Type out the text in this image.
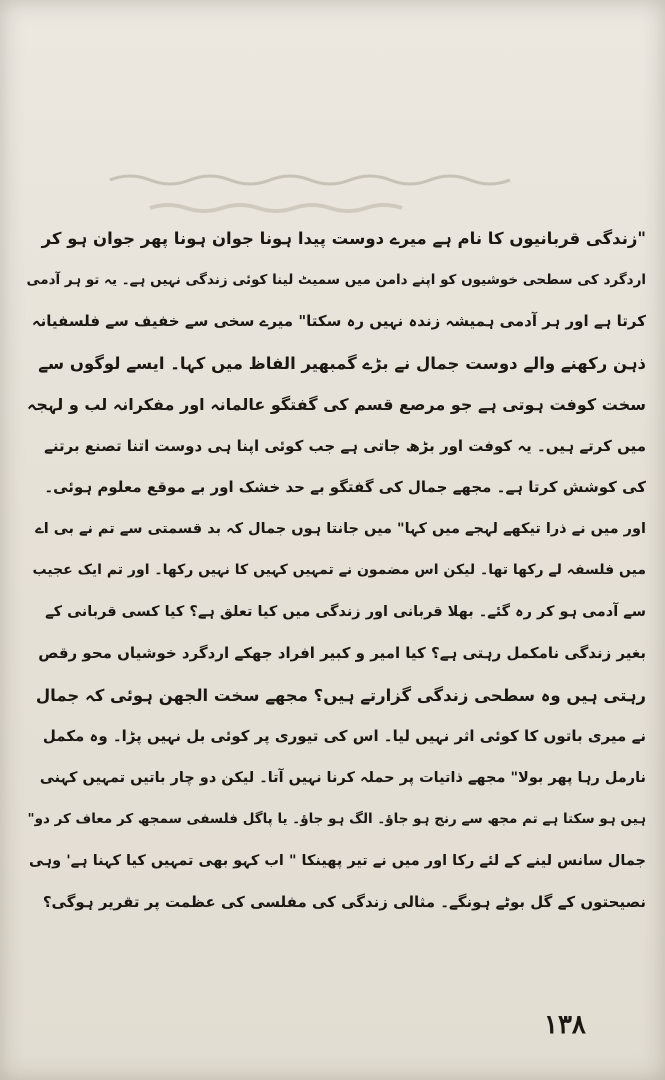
"زندگی قربانیوں کا نام ہے میرے دوست پیدا ہونا جوان ہونا پھر جوان ہو کر
اردگرد کی سطحی خوشیوں کو اپنے دامن میں سمیٹ لینا کوئی زندگی نہیں ہے۔ یہ تو ہر آدمی
کرتا ہے اور ہر آدمی ہمیشہ زندہ نہیں رہ سکتا" میرے سخی سے خفیف سے فلسفیانہ
ذہن رکھنے والے دوست جمال نے بڑے گمبھیر الفاظ میں کہا۔ ایسے لوگوں سے
سخت کوفت ہوتی ہے جو مرصع قسم کی گفتگو عالمانہ اور مفکرانہ لب و لہجہ
میں کرتے ہیں۔ یہ کوفت اور بڑھ جاتی ہے جب کوئی اپنا ہی دوست اتنا تصنع برتنے
کی کوشش کرتا ہے۔ مجھے جمال کی گفتگو بے حد خشک اور بے موقع معلوم ہوئی۔
اور میں نے ذرا تیکھے لہجے میں کہا" میں جانتا ہوں جمال کہ بد قسمتی سے تم نے بی اے
میں فلسفہ لے رکھا تھا۔ لیکن اس مضمون نے تمہیں کہیں کا نہیں رکھا۔ اور تم ایک عجیب
سے آدمی ہو کر رہ گئے۔ بھلا قربانی اور زندگی میں کیا تعلق ہے؟ کیا کسی قربانی کے
بغیر زندگی نامکمل رہتی ہے؟ کیا امیر و کبیر افراد جھکے اردگرد خوشیاں محو رقص
رہتی ہیں وہ سطحی زندگی گزارتے ہیں؟ مجھے سخت الجھن ہوئی کہ جمال
نے میری باتوں کا کوئی اثر نہیں لیا۔ اس کی تیوری پر کوئی بل نہیں پڑا۔ وہ مکمل
نارمل رہا پھر بولا" مجھے ذاتیات پر حملہ کرنا نہیں آتا۔ لیکن دو چار باتیں تمہیں کہنی
ہیں ہو سکتا ہے تم مجھ سے رنج ہو جاؤ۔ الگ ہو جاؤ۔ یا پاگل فلسفی سمجھ کر معاف کر دو"
جمال سانس لینے کے لئے رکا اور میں نے تیر پھینکا " اب کہو بھی تمہیں کیا کہنا ہے' وہی
نصیحتوں کے گل بوٹے ہونگے۔ مثالی زندگی کی مفلسی کی عظمت پر تقریر ہوگی؟
۱۳۸
